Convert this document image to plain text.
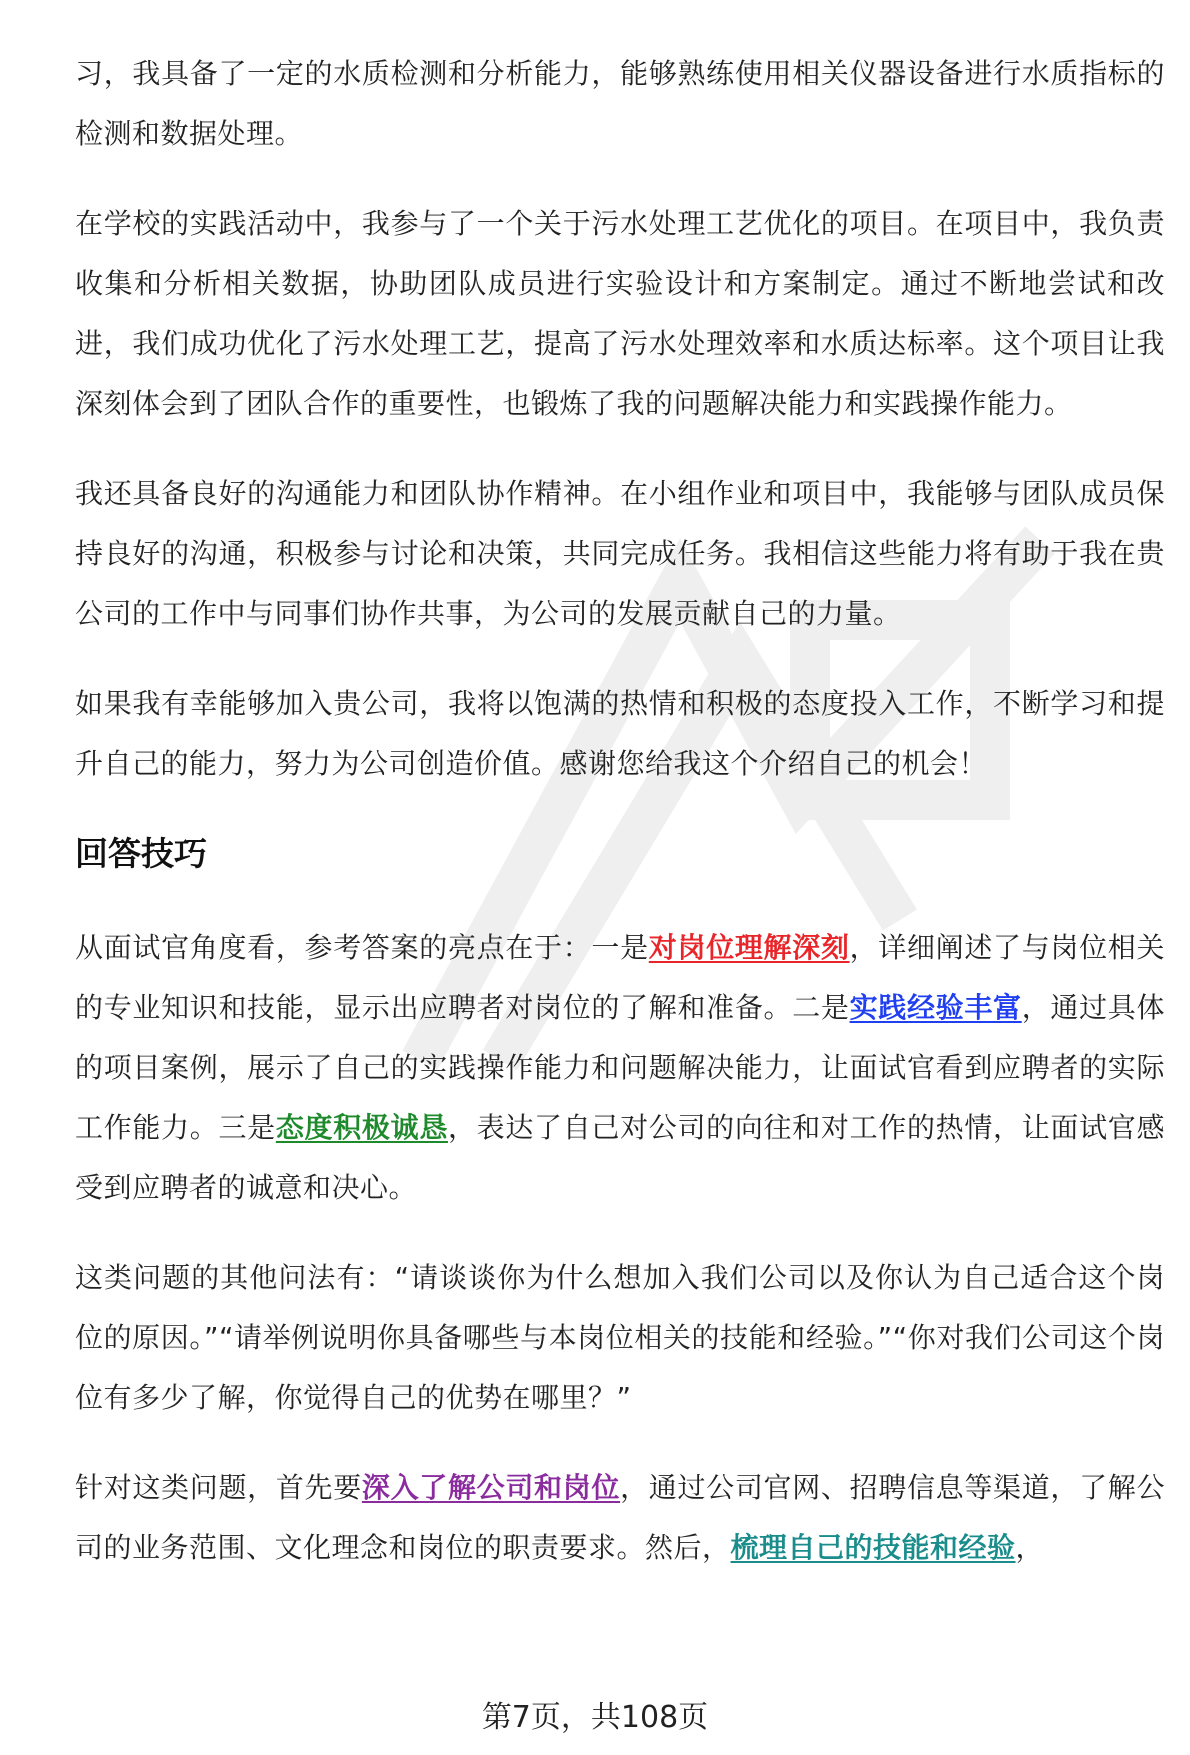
习，我具备了一定的水质检测和分析能力，能够熟练使用相关仪器设备进行水质指标的检测和数据处理。

在学校的实践活动中，我参与了一个关于污水处理工艺优化的项目。在项目中，我负责收集和分析相关数据，协助团队成员进行实验设计和方案制定。通过不断地尝试和改进，我们成功优化了污水处理工艺，提高了污水处理效率和水质达标率。这个项目让我深刻体会到了团队合作的重要性，也锻炼了我的问题解决能力和实践操作能力。

我还具备良好的沟通能力和团队协作精神。在小组作业和项目中，我能够与团队成员保持良好的沟通，积极参与讨论和决策，共同完成任务。我相信这些能力将有助于我在贵公司的工作中与同事们协作共事，为公司的发展贡献自己的力量。

如果我有幸能够加入贵公司，我将以饱满的热情和积极的态度投入工作，不断学习和提升自己的能力，努力为公司创造价值。感谢您给我这个介绍自己的机会！

回答技巧

从面试官角度看，参考答案的亮点在于：一是对岗位理解深刻，详细阐述了与岗位相关的专业知识和技能，显示出应聘者对岗位的了解和准备。二是实践经验丰富，通过具体的项目案例，展示了自己的实践操作能力和问题解决能力，让面试官看到应聘者的实际工作能力。三是态度积极诚恳，表达了自己对公司的向往和对工作的热情，让面试官感受到应聘者的诚意和决心。

这类问题的其他问法有：“请谈谈你为什么想加入我们公司以及你认为自己适合这个岗位的原因。”“请举例说明你具备哪些与本岗位相关的技能和经验。”“你对我们公司这个岗位有多少了解，你觉得自己的优势在哪里？”

针对这类问题，首先要深入了解公司和岗位，通过公司官网、招聘信息等渠道，了解公司的业务范围、文化理念和岗位的职责要求。然后，梳理自己的技能和经验，

第7页，共108页
